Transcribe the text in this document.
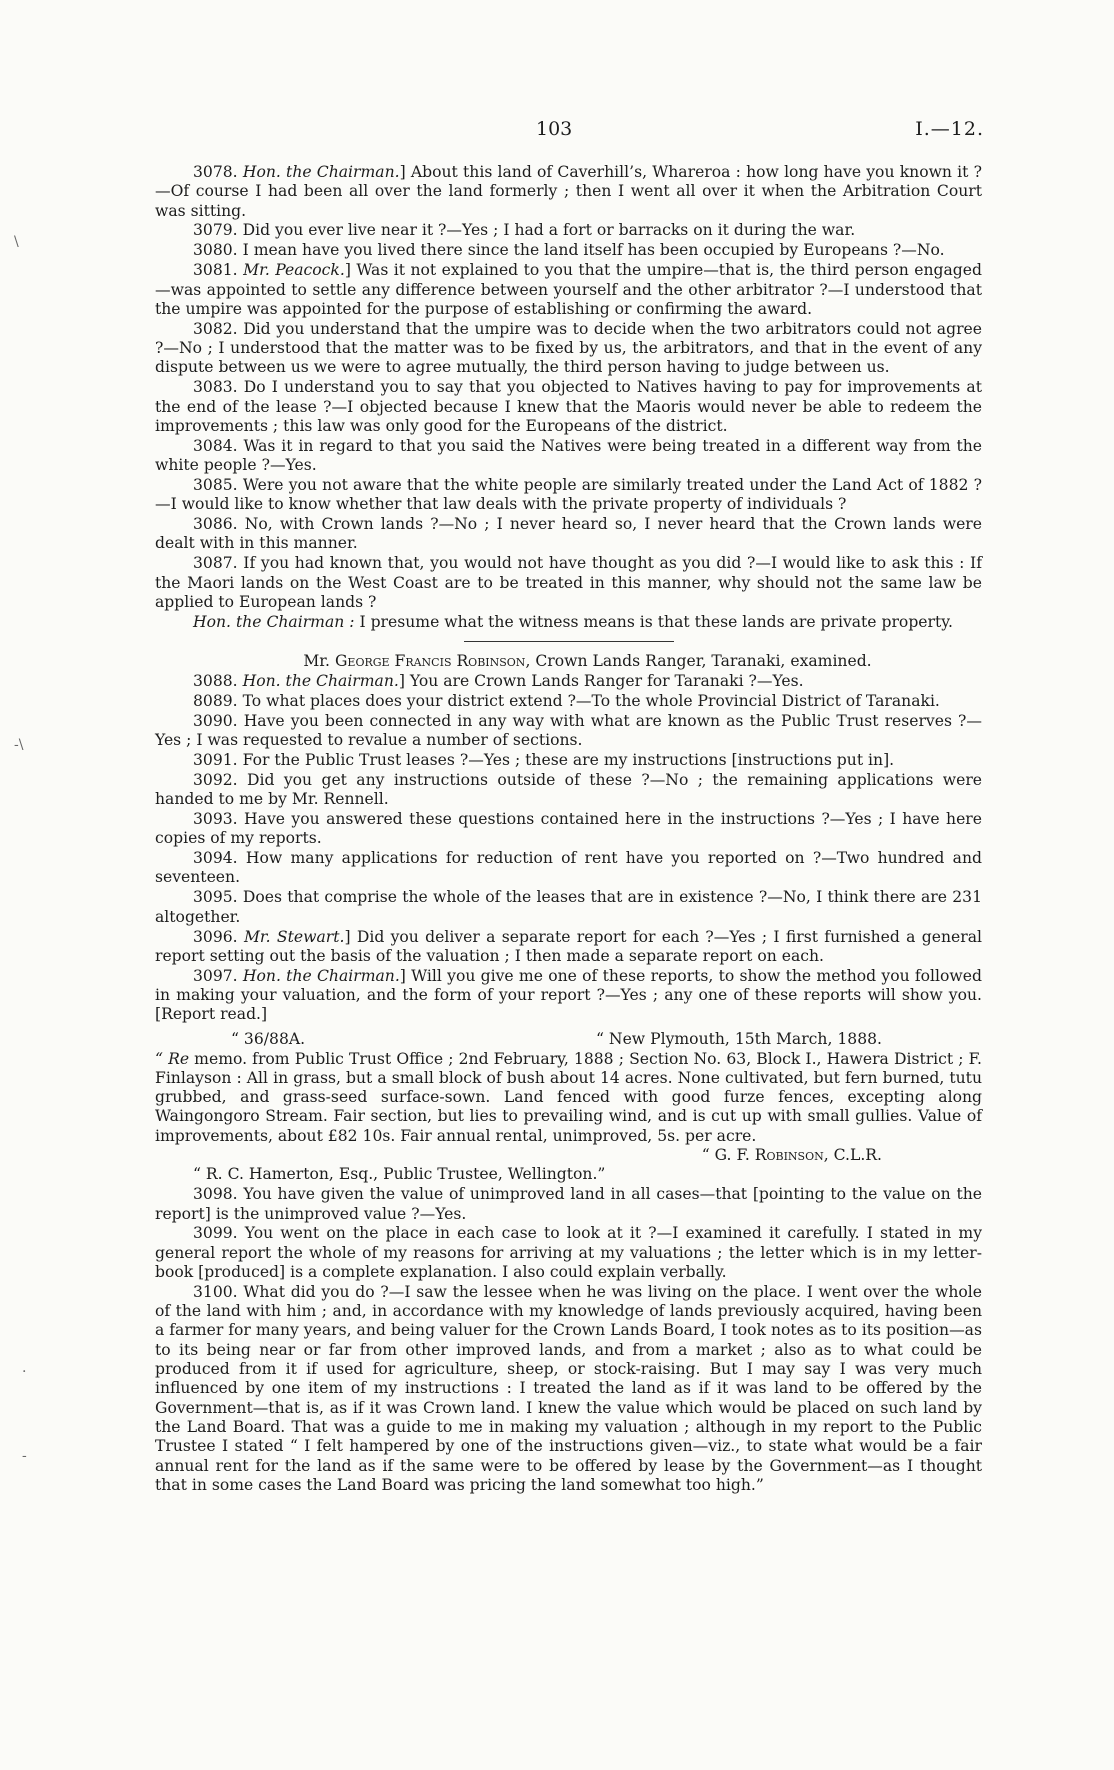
103	I.—12.
\
-\
.
-

3078. Hon. the Chairman.] About this land of Caverhill’s, Whareroa : how long have you known it ?—Of course I had been all over the land formerly ; then I went all over it when the Arbitration Court was sitting.

3079. Did you ever live near it ?—Yes ; I had a fort or barracks on it during the war.

3080. I mean have you lived there since the land itself has been occupied by Europeans ?—No.

3081. Mr. Peacock.] Was it not explained to you that the umpire—that is, the third person engaged—was appointed to settle any difference between yourself and the other arbitrator ?—I understood that the umpire was appointed for the purpose of establishing or confirming the award.

3082. Did you understand that the umpire was to decide when the two arbitrators could not agree ?—No ; I understood that the matter was to be fixed by us, the arbitrators, and that in the event of any dispute between us we were to agree mutually, the third person having to judge between us.

3083. Do I understand you to say that you objected to Natives having to pay for improvements at the end of the lease ?—I objected because I knew that the Maoris would never be able to redeem the improvements ; this law was only good for the Europeans of the district.

3084. Was it in regard to that you said the Natives were being treated in a different way from the white people ?—Yes.

3085. Were you not aware that the white people are similarly treated under the Land Act of 1882 ?—I would like to know whether that law deals with the private property of individuals ?

3086. No, with Crown lands ?—No ; I never heard so, I never heard that the Crown lands were dealt with in this manner.

3087. If you had known that, you would not have thought as you did ?—I would like to ask this : If the Maori lands on the West Coast are to be treated in this manner, why should not the same law be applied to European lands ?

Hon. the Chairman : I presume what the witness means is that these lands are private property.

Mr. George Francis Robinson, Crown Lands Ranger, Taranaki, examined.

3088. Hon. the Chairman.] You are Crown Lands Ranger for Taranaki ?—Yes.

8089. To what places does your district extend ?—To the whole Provincial District of Taranaki.

3090. Have you been connected in any way with what are known as the Public Trust reserves ?—Yes ; I was requested to revalue a number of sections.

3091. For the Public Trust leases ?—Yes ; these are my instructions [instructions put in].

3092. Did you get any instructions outside of these ?—No ; the remaining applications were handed to me by Mr. Rennell.

3093. Have you answered these questions contained here in the instructions ?—Yes ; I have here copies of my reports.

3094. How many applications for reduction of rent have you reported on ?—Two hundred and seventeen.

3095. Does that comprise the whole of the leases that are in existence ?—No, I think there are 231 altogether.

3096. Mr. Stewart.] Did you deliver a separate report for each ?—Yes ; I first furnished a general report setting out the basis of the valuation ; I then made a separate report on each.

3097. Hon. the Chairman.] Will you give me one of these reports, to show the method you followed in making your valuation, and the form of your report ?—Yes ; any one of these reports will show you. [Report read.]

“ 36/88A.	“ New Plymouth, 15th March, 1888.

“ Re memo. from Public Trust Office ; 2nd February, 1888 ; Section No. 63, Block I., Hawera District ; F. Finlayson : All in grass, but a small block of bush about 14 acres. None cultivated, but fern burned, tutu grubbed, and grass-seed surface-sown. Land fenced with good furze fences, excepting along Waingongoro Stream. Fair section, but lies to prevailing wind, and is cut up with small gullies. Value of improvements, about £82 10s. Fair annual rental, unimproved, 5s. per acre.
“ G. F. Robinson, C.L.R.

“ R. C. Hamerton, Esq., Public Trustee, Wellington.”

3098. You have given the value of unimproved land in all cases—that [pointing to the value on the report] is the unimproved value ?—Yes.

3099. You went on the place in each case to look at it ?—I examined it carefully. I stated in my general report the whole of my reasons for arriving at my valuations ; the letter which is in my letter-book [produced] is a complete explanation. I also could explain verbally.

3100. What did you do ?—I saw the lessee when he was living on the place. I went over the whole of the land with him ; and, in accordance with my knowledge of lands previously acquired, having been a farmer for many years, and being valuer for the Crown Lands Board, I took notes as to its position—as to its being near or far from other improved lands, and from a market ; also as to what could be produced from it if used for agriculture, sheep, or stock-raising. But I may say I was very much influenced by one item of my instructions : I treated the land as if it was land to be offered by the Government—that is, as if it was Crown land. I knew the value which would be placed on such land by the Land Board. That was a guide to me in making my valuation ; although in my report to the Public Trustee I stated “ I felt hampered by one of the instructions given—viz., to state what would be a fair annual rent for the land as if the same were to be offered by lease by the Government—as I thought that in some cases the Land Board was pricing the land somewhat too high.”
